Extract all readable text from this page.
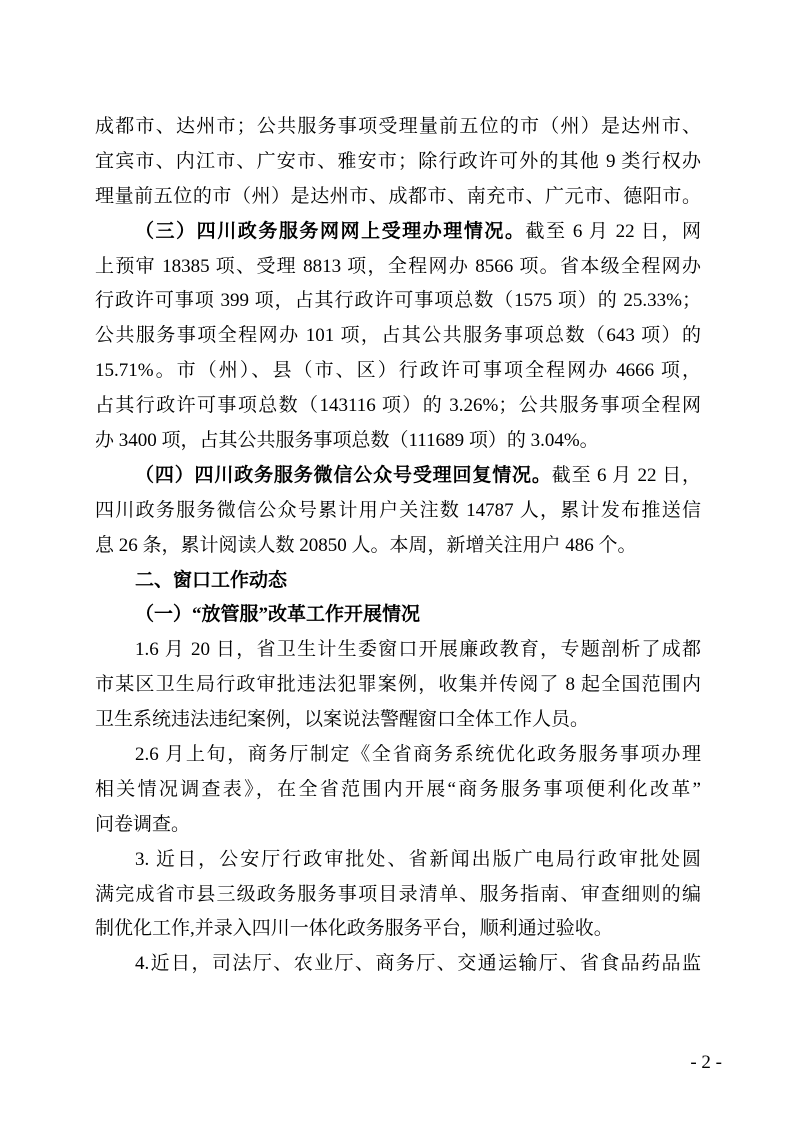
成都市、达州市；公共服务事项受理量前五位的市（州）是达州市、
宜宾市、内江市、广安市、雅安市；除行政许可外的其他 9 类行权办
理量前五位的市（州）是达州市、成都市、南充市、广元市、德阳市。
（三）四川政务服务网网上受理办理情况。截至 6 月 22 日，网
上预审 18385 项、受理 8813 项，全程网办 8566 项。省本级全程网办
行政许可事项 399 项，占其行政许可事项总数（1575 项）的 25.33%；
公共服务事项全程网办 101 项，占其公共服务事项总数（643 项）的
15.71%。市（州）、县（市、区）行政许可事项全程网办 4666 项，
占其行政许可事项总数（143116 项）的 3.26%；公共服务事项全程网
办 3400 项，占其公共服务事项总数（111689 项）的 3.04%。
（四）四川政务服务微信公众号受理回复情况。截至 6 月 22 日，
四川政务服务微信公众号累计用户关注数 14787 人，累计发布推送信
息 26 条，累计阅读人数 20850 人。本周，新增关注用户 486 个。
二、窗口工作动态
（一）“放管服”改革工作开展情况
1.6 月 20 日，省卫生计生委窗口开展廉政教育，专题剖析了成都
市某区卫生局行政审批违法犯罪案例，收集并传阅了 8 起全国范围内
卫生系统违法违纪案例，以案说法警醒窗口全体工作人员。
2.6 月上旬，商务厅制定《全省商务系统优化政务服务事项办理
相关情况调查表》，在全省范围内开展“商务服务事项便利化改革”
问卷调查。
3. 近日，公安厅行政审批处、省新闻出版广电局行政审批处圆
满完成省市县三级政务服务事项目录清单、服务指南、审查细则的编
制优化工作,并录入四川一体化政务服务平台，顺利通过验收。
4.近日，司法厅、农业厅、商务厅、交通运输厅、省食品药品监
- 2 -
